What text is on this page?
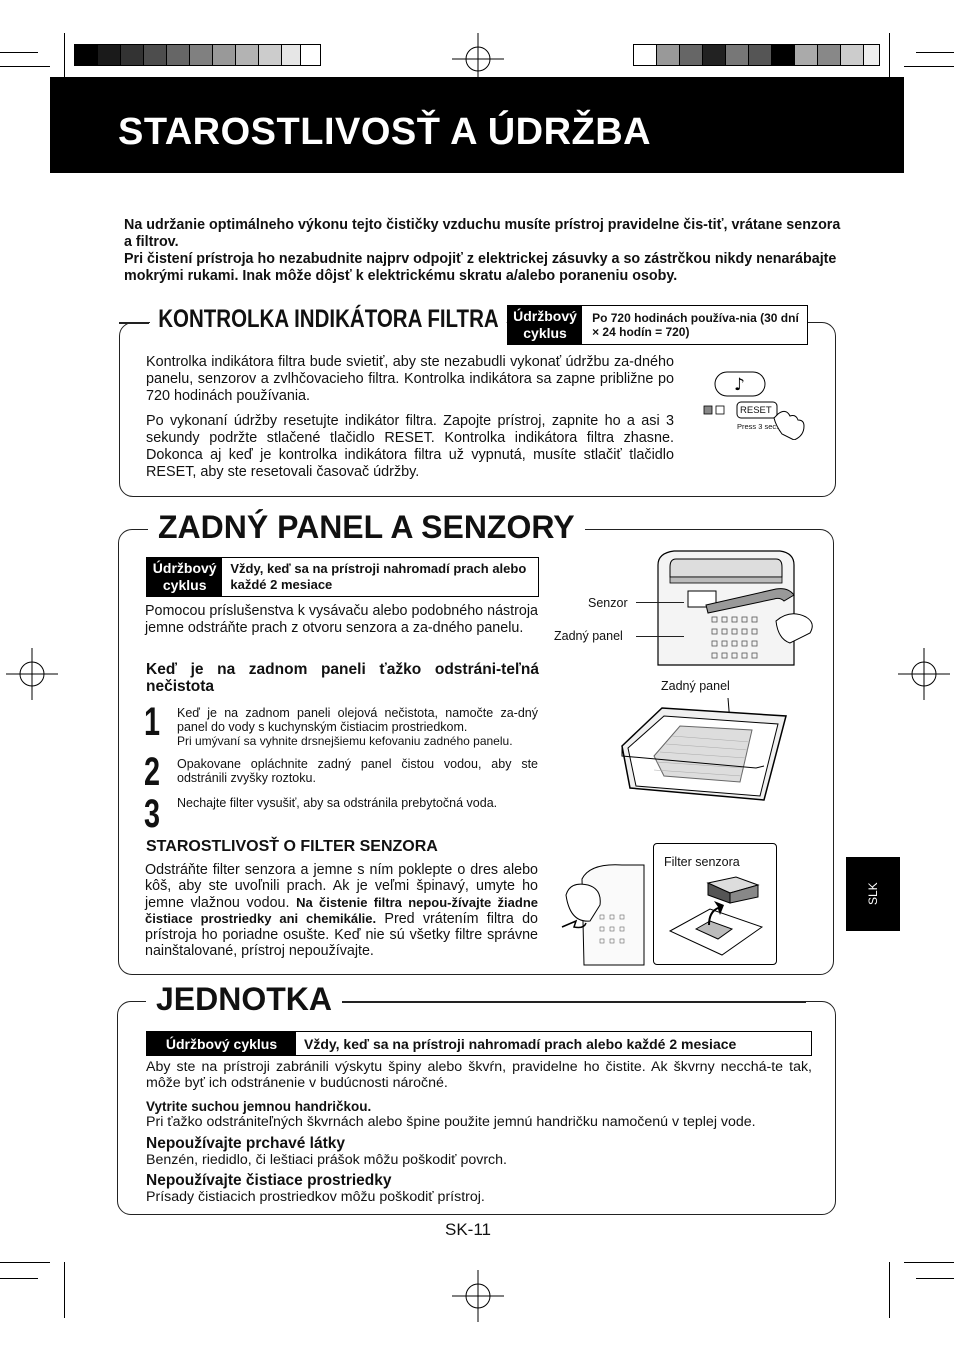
STAROSTLIVOSŤ A ÚDRŽBA

Na udržanie optimálneho výkonu tejto čističky vzduchu musíte prístroj pravidelne čis-tiť, vrátane senzora a filtrov.

Pri čistení prístroja ho nezabudnite najprv odpojiť z elektrickej zásuvky a so zástrčkou nikdy nenarábajte mokrými rukami. Inak môže dôjsť k elektrickému skratu a/alebo poraneniu osoby.

KONTROLKA INDIKÁTORA FILTRA	Údržbový cyklus
Po 720 hodinách používa-nia (30 dní × 24 hodín = 720)

Kontrolka indikátora filtra bude svietiť, aby ste nezabudli vykonať údržbu za-dného panelu, senzorov a zvlhčovacieho filtra. Kontrolka indikátora sa zapne približne po 720 hodinách používania.

Po vykonaní údržby resetujte indikátor filtra. Zapojte prístroj, zapnite ho a asi 3 sekundy podržte stlačené tlačidlo RESET. Kontrolka indikátora filtra zhasne. Dokonca aj keď je kontrolka indikátora filtra už vypnutá, musíte stlačiť tlačidlo RESET, aby ste resetovali časovač údržby.

♪
RESET
Press 3 sec.
ZADNÝ PANEL A SENZORY
Údržbový cyklus
Vždy, keď sa na prístroji nahromadí prach alebo každé 2 mesiace
Pomocou príslušenstva k vysávaču alebo podobného nástroja jemne odstráňte prach z otvoru senzora a za-dného panelu.
Keď je na zadnom paneli ťažko odstráni-teľná nečistota
1 Keď je na zadnom paneli olejová nečistota, namočte za-dný panel do vody s kuchynským čistiacim prostriedkom.
Pri umývaní sa vyhnite drsnejšiemu kefovaniu zadného panelu.
2 Opakovane opláchnite zadný panel čistou vodou, aby ste odstránili zvyšky roztoku.
3 Nechajte filter vysušiť, aby sa odstránila prebytočná voda.
STAROSTLIVOSŤ O FILTER SENZORA
Odstráňte filter senzora a jemne s ním poklepte o dres alebo kôš, aby ste uvoľnili prach. Ak je veľmi špinavý, umyte ho jemne vlažnou vodou. Na čistenie filtra nepou-žívajte žiadne čistiace prostriedky ani chemikálie. Pred vrátením filtra do prístroja ho poriadne osušte. Keď nie sú všetky filtre správne nainštalované, prístroj nepoužívajte.
Senzor
Zadný panel
Zadný panel
Filter senzora
JEDNOTKA
Údržbový cyklus	Vždy, keď sa na prístroji nahromadí prach alebo každé 2 mesiace
Aby ste na prístroji zabránili výskytu špiny alebo škvŕn, pravidelne ho čistite. Ak škvrny necchá-te tak, môže byť ich odstránenie v budúcnosti náročné.
Vytrite suchou jemnou handričkou.
Pri ťažko odstrániteľných škvrnách alebo špine použite jemnú handričku namočenú v teplej vode.
Nepoužívajte prchavé látky
Benzén, riedidlo, či leštiaci prášok môžu poškodiť povrch.
Nepoužívajte čistiace prostriedky
Prísady čistiacich prostriedkov môžu poškodiť prístroj.
SLK
SK-11
